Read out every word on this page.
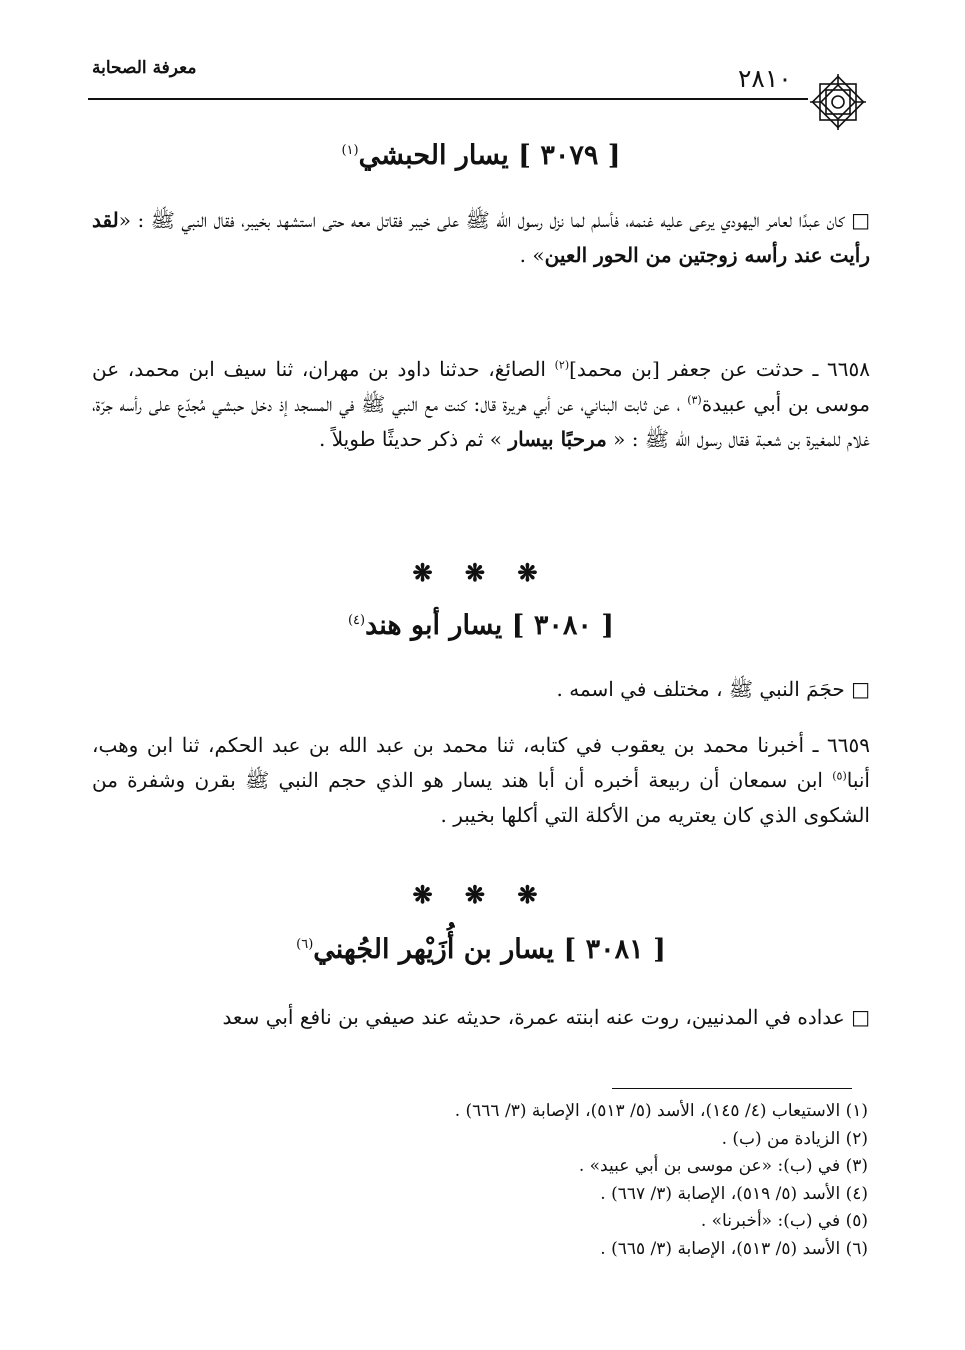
معرفة الصحابة	٢٨١٠
[ ٣٠٧٩ ] يسار الحبشي$^{(١)}$
□ كان عبدًا لعامر اليهودي يرعى عليه غنمه، فأسلم لما نزل رسول الله ﷺ على خيبر فقاتل معه حتى استشهد بخيبر، فقال النبي ﷺ : «لقد رأيت عند رأسه زوجتين من الحور العين» .
٦٦٥٨ ـ حدثت عن جعفر [بن محمد]$^{(٢)}$ الصائغ، حدثنا داود بن مهران، ثنا سيف ابن محمد، عن موسى بن أبي عبيدة$^{(٣)}$ ، عن ثابت البناني، عن أبي هريرة قال: كنت مع النبي ﷺ في المسجد إذ دخل حبشي مُجدّع على رأسه جرّة، غلام للمغيرة بن شعبة فقال رسول الله ﷺ : « مرحبًا بيسار » ثم ذكر حديثًا طويلاً .
❋ ❋ ❋
[ ٣٠٨٠ ] يسار أبو هند$^{(٤)}$
□ حجَمَ النبي ﷺ ، مختلف في اسمه .
٦٦٥٩ ـ أخبرنا محمد بن يعقوب في كتابه، ثنا محمد بن عبد الله بن عبد الحكم، ثنا ابن وهب، أنبا$^{(٥)}$ ابن سمعان أن ربيعة أخبره أن أبا هند يسار هو الذي حجم النبي ﷺ بقرن وشفرة من الشكوى الذي كان يعتريه من الأكلة التي أكلها بخيبر .
❋ ❋ ❋
[ ٣٠٨١ ] يسار بن أُزَيْهر الجُهني$^{(٦)}$
□ عداده في المدنيين، روت عنه ابنته عمرة، حديثه عند صيفي بن نافع أبي سعد
(١) الاستيعاب (٤/ ١٤٥)، الأسد (٥/ ٥١٣)، الإصابة (٣/ ٦٦٦) .
(٢) الزيادة من (ب) .
(٣) في (ب): «عن موسى بن أبي عبيد» .
(٤) الأسد (٥/ ٥١٩)، الإصابة (٣/ ٦٦٧) .
(٥) في (ب): «أخبرنا» .
(٦) الأسد (٥/ ٥١٣)، الإصابة (٣/ ٦٦٥) .
